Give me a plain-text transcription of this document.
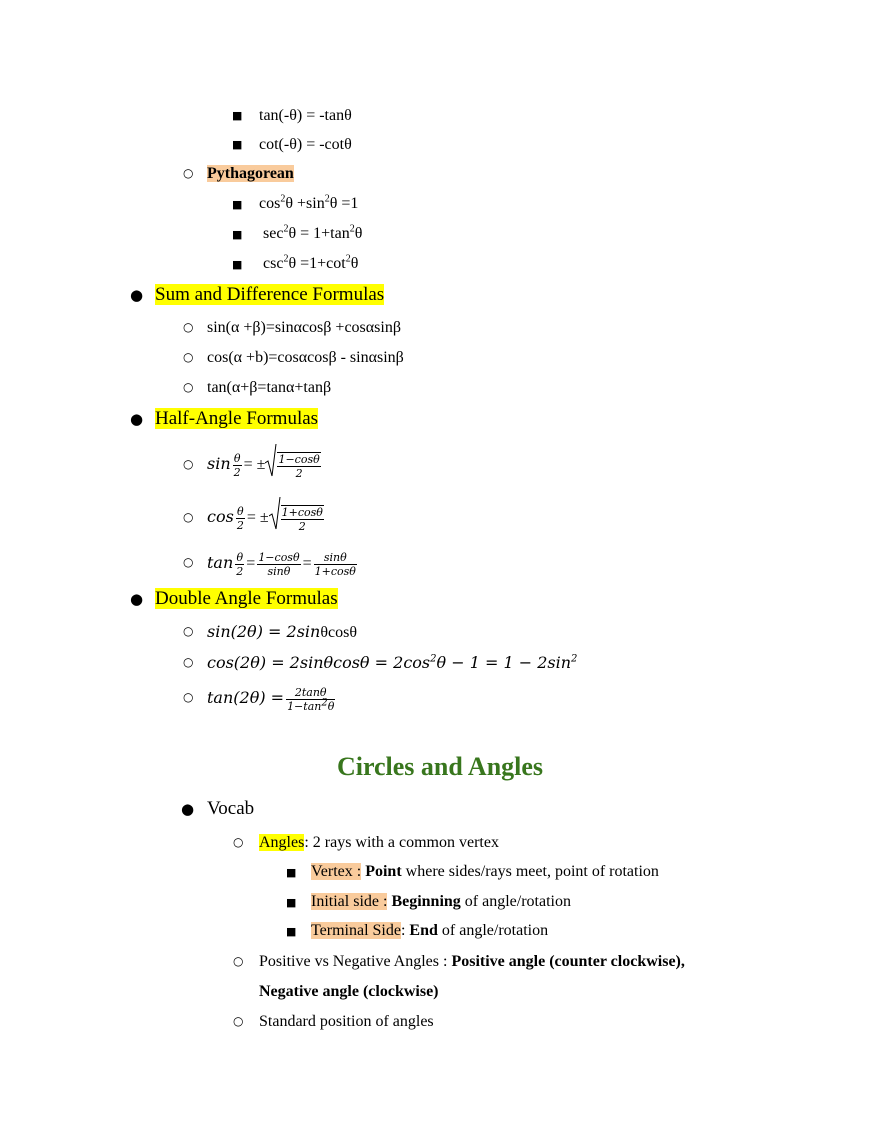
■ tan(-θ) = -tanθ
■ cot(-θ) = -cotθ
○ Pythagorean
■ $\cos^2\theta +\sin^2\theta =1$
■ $\sec^2\theta = 1+\tan^2\theta$
■ $\csc^2\theta =1+\cot^2\theta$
● Sum and Difference Formulas
○ sin(α +β)=sinαcosβ +cosαsinβ
○ cos(α +b)=cosαcosβ - sinαsinβ
○ tan(α+β=tanα+tanβ
● Half-Angle Formulas
○ $\sin \frac{\theta}{2}$ = ± $\frac{1-\cos\theta}{2}$
○ $\cos \frac{\theta}{2}$ = ± $\frac{1+\cos\theta}{2}$
○ $\tan \frac{\theta}{2} = \frac{1-\cos\theta}{\sin\theta} = \frac{\sin\theta}{1+\cos\theta}$
● Double Angle Formulas
○ sin(2θ) = 2sinθcosθ
○ $\cos(2\theta) = 2\sin\theta\cos\theta = 2\cos^2\theta - 1 = 1 - 2\sin^2$
○ $\tan(2\theta) = \frac{2\tan\theta}{1-\tan^2\theta}$
Circles and Angles
● Vocab
○ Angles: 2 rays with a common vertex
■ Vertex : Point where sides/rays meet, point of rotation
■ Initial side : Beginning of angle/rotation
■ Terminal Side: End of angle/rotation
○ Positive vs Negative Angles : Positive angle (counter clockwise),
Negative angle (clockwise)
○ Standard position of angles
